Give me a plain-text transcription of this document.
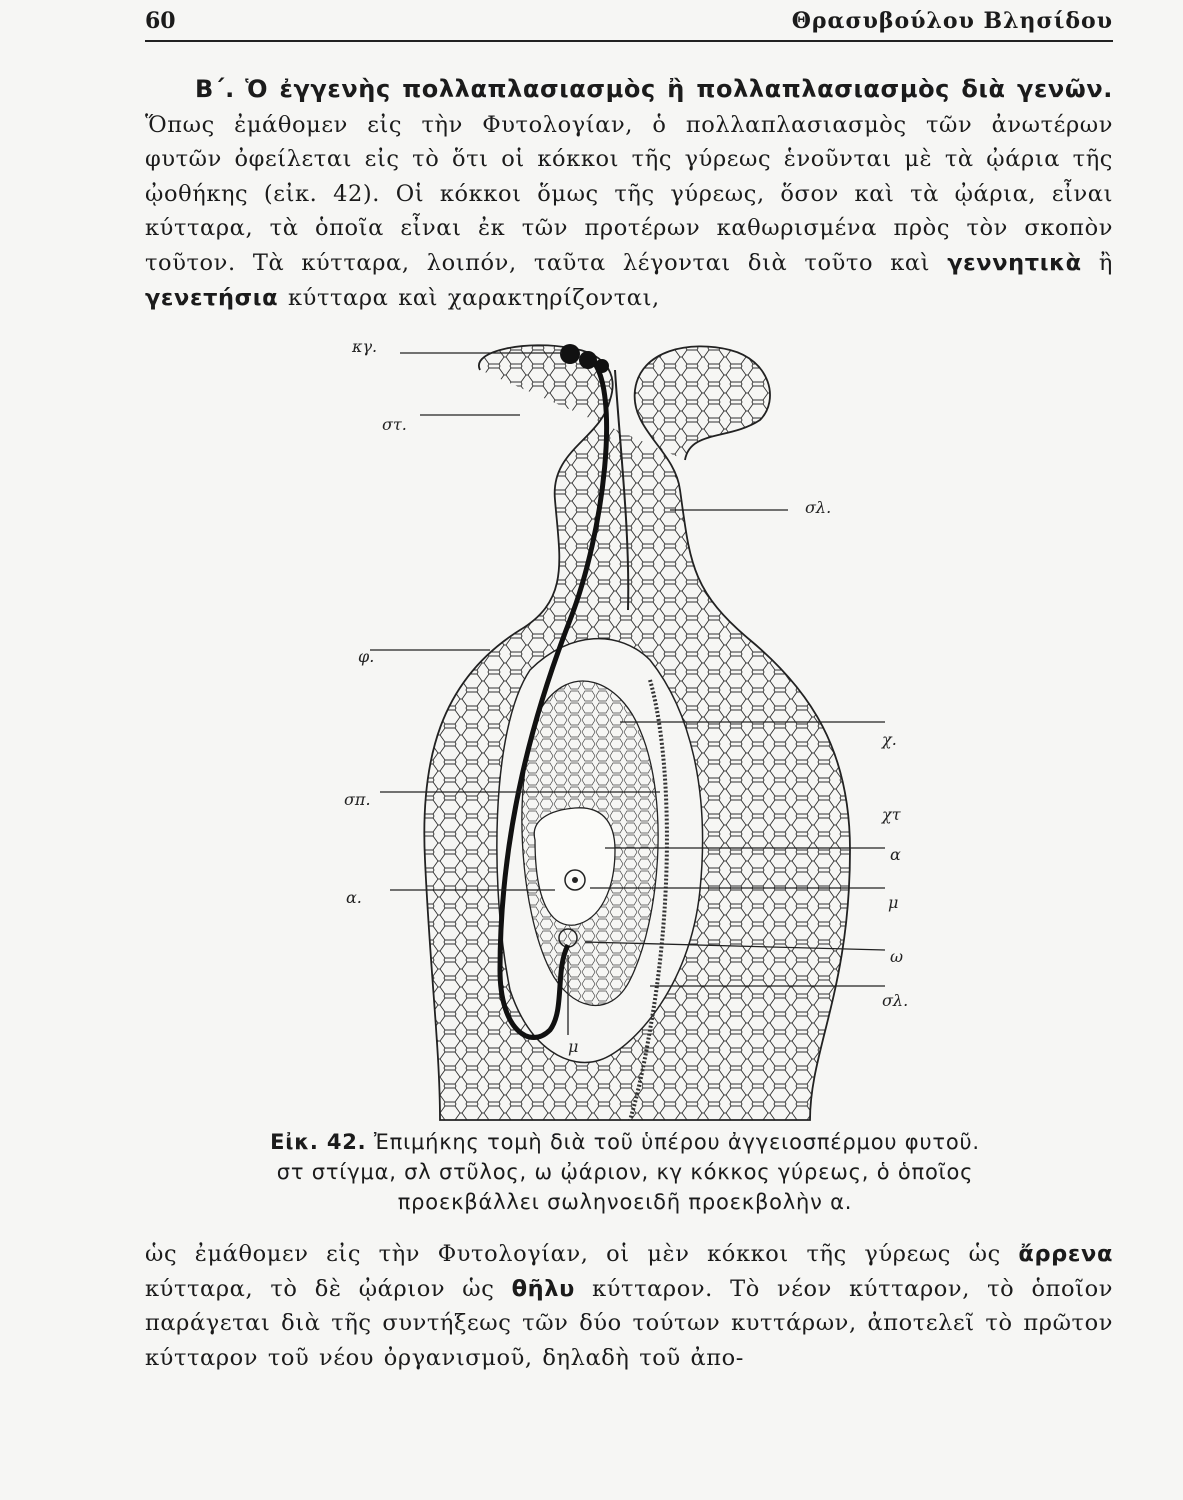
60	Θρασυβούλου Βλησίδου

Β΄. Ὁ ἐγγενὴς πολλαπλασιασμὸς ἢ πολλαπλασιασμὸς διὰ γενῶν. Ὅπως ἐμάθομεν εἰς τὴν Φυτολογίαν, ὁ πολλαπλασιασμὸς τῶν ἀνωτέρων φυτῶν ὀφείλεται εἰς τὸ ὅτι οἱ κόκκοι τῆς γύρεως ἑνοῦνται μὲ τὰ ᾠάρια τῆς ᾠοθήκης (εἰκ. 42). Οἱ κόκκοι ὅμως τῆς γύρεως, ὅσον καὶ τὰ ᾠάρια, εἶναι κύτταρα, τὰ ὁποῖα εἶναι ἐκ τῶν προτέρων καθωρισμένα πρὸς τὸν σκοπὸν τοῦτον. Τὰ κύτταρα, λοιπόν, ταῦτα λέγονται διὰ τοῦτο καὶ γεννητικὰ ἢ γενετήσια κύτταρα καὶ χαρακτηρίζονται,

κγ.
στ.
σλ.
φ.
χ.
σπ.
χτ
α
α.	μ
ω
σλ.
μ
Εἰκ. 42. Ἐπιμήκης τομὴ διὰ τοῦ ὑπέρου ἀγγειοσπέρμου φυτοῦ.
στ στίγμα, σλ στῦλος, ω ᾠάριον, κγ κόκκος γύρεως, ὁ ὁποῖος
προεκβάλλει σωληνοειδῆ προεκβολὴν α.

ὡς ἐμάθομεν εἰς τὴν Φυτολογίαν, οἱ μὲν κόκκοι τῆς γύρεως ὡς ἄρρενα κύτταρα, τὸ δὲ ᾠάριον ὡς θῆλυ κύτταρον. Τὸ νέον κύτταρον, τὸ ὁποῖον παράγεται διὰ τῆς συντήξεως τῶν δύο τούτων κυττάρων, ἀποτελεῖ τὸ πρῶτον κύτταρον τοῦ νέου ὀργανισμοῦ, δηλαδὴ τοῦ ἀπο-
